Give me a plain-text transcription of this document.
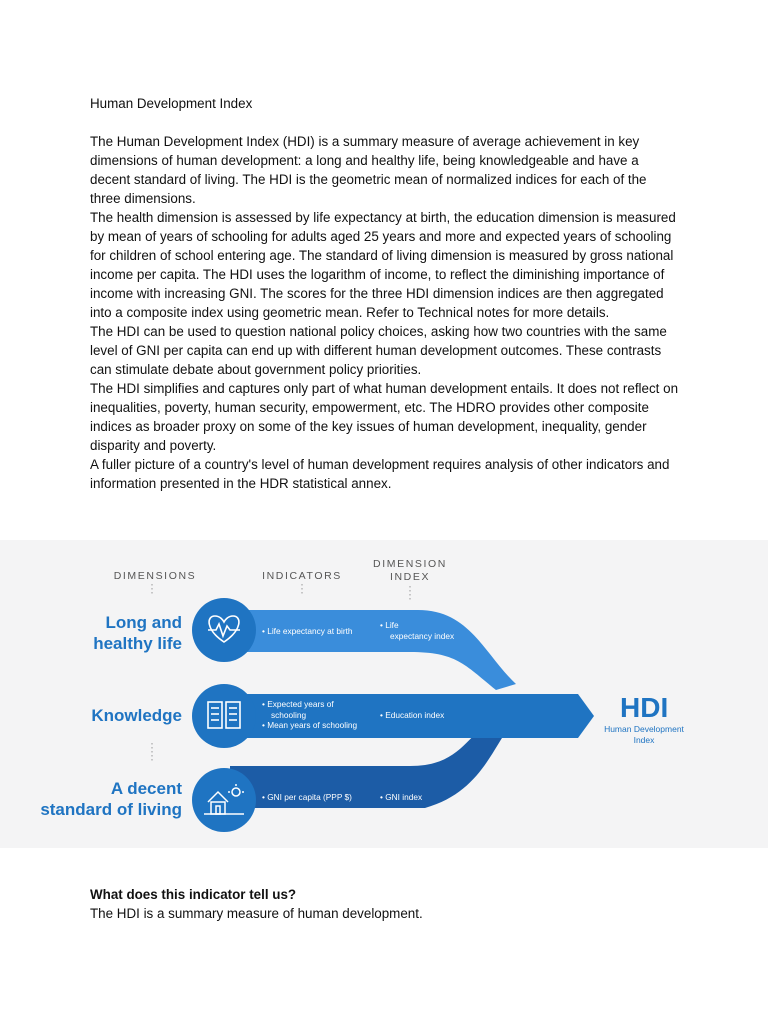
Human Development Index

The Human Development Index (HDI) is a summary measure of average achievement in key dimensions of human development: a long and healthy life, being knowledgeable and have a decent standard of living. The HDI is the geometric mean of normalized indices for each of the three dimensions.

The health dimension is assessed by life expectancy at birth, the education dimension is measured by mean of years of schooling for adults aged 25 years and more and expected years of schooling for children of school entering age. The standard of living dimension is measured by gross national income per capita. The HDI uses the logarithm of income, to reflect the diminishing importance of income with increasing GNI. The scores for the three HDI dimension indices are then aggregated into a composite index using geometric mean. Refer to Technical notes for more details.

The HDI can be used to question national policy choices, asking how two countries with the same level of GNI per capita can end up with different human development outcomes. These contrasts can stimulate debate about government policy priorities.

The HDI simplifies and captures only part of what human development entails. It does not reflect on inequalities, poverty, human security, empowerment, etc. The HDRO provides other composite indices as broader proxy on some of the key issues of human development, inequality, gender disparity and poverty.

A fuller picture of a country's level of human development requires analysis of other indicators and information presented in the HDR statistical annex.

DIMENSIONS	INDICATORS
DIMENSION
INDEX
Long and
healthy life
Knowledge
A decent
standard of living
• Life expectancy at birth
• Life
expectancy index
• Expected years of
schooling
• Mean years of schooling
• Education index
• GNI per capita (PPP $)	• GNI index
HDI
Human Development
Index
What does this indicator tell us?
The HDI is a summary measure of human development.
